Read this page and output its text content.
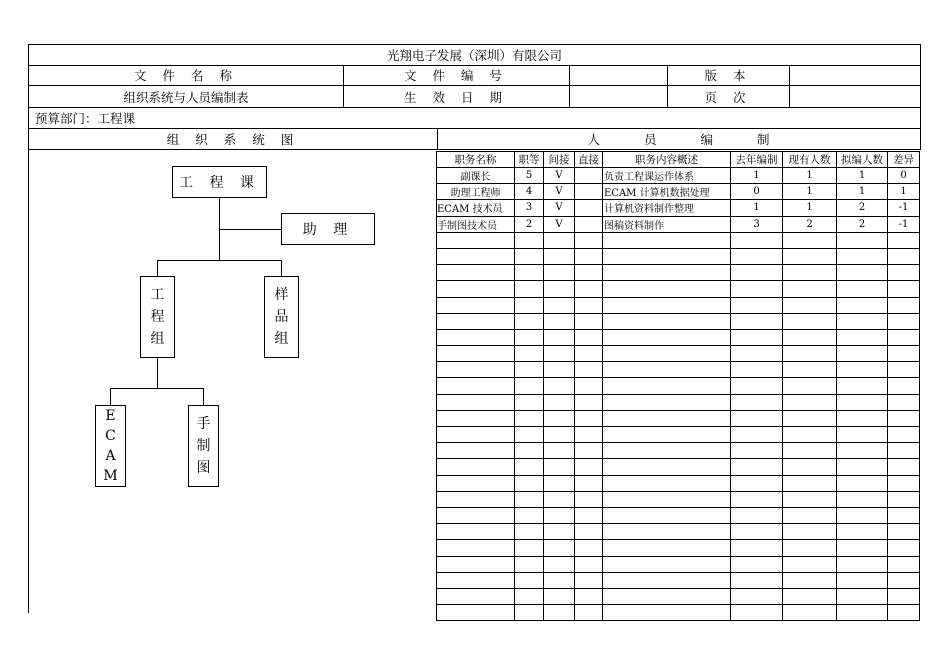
光翔电子发展（深圳）有限公司
文 件 名 称	文 件 编 号	版 本
组织系统与人员编制表	生 效 日 期	页 次
预算部门：工程课
组 织 系 统 图	人 员 编 制
工 程 课
助 理
工
程
组
样
品
组
E
C
A
M
手
制
图
职务名称	职等	间接	直接	职务内容概述	去年编制	现有人数	拟编人数	差异
副课长	5	V		负责工程课运作体系	1	1	1	0
助理工程师	4	V		ECAM 计算机数据处理	0	1	1	1
ECAM 技术员	3	V		计算机资料制作整理	1	1	2	-1
手制图技术员	2	V		图稿资料制作	3	2	2	-1
